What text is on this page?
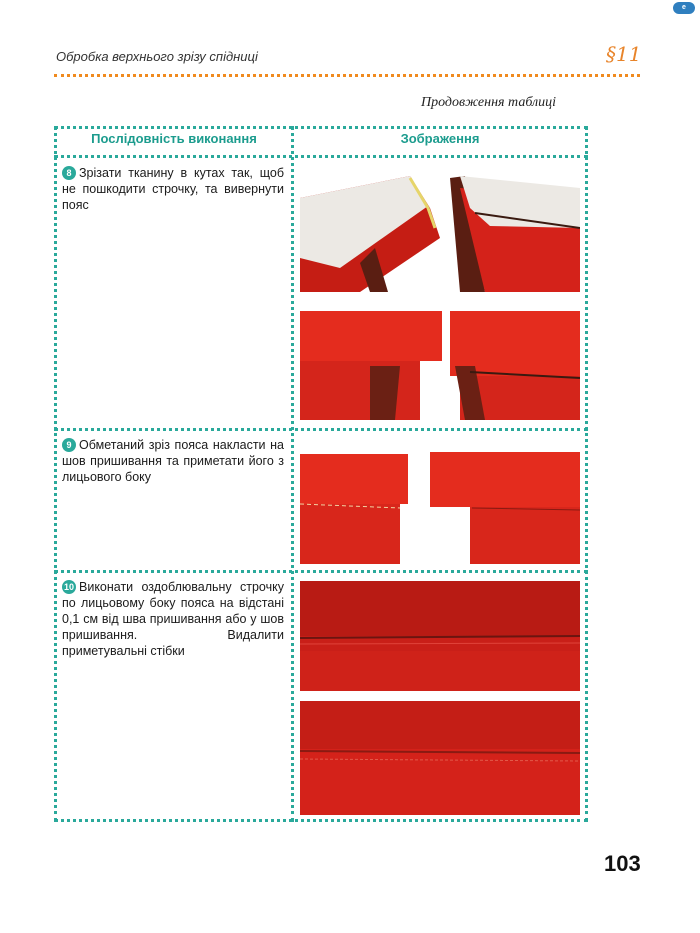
e
Обробка верхнього зрізу спідниці	§11
Продовження таблиці
Послідовність виконання	Зображення
8 Зрізати тканину в кутах так, щоб не пошкодити строчку, та вивернути пояс
9 Обметаний зріз пояса накласти на шов пришивання та приметати його з лицьового боку
10 Виконати оздоблювальну строчку по лицьовому боку пояса на відстані 0,1 см від шва пришивання або у шов пришивання. Видалити приметувальні стібки
103
